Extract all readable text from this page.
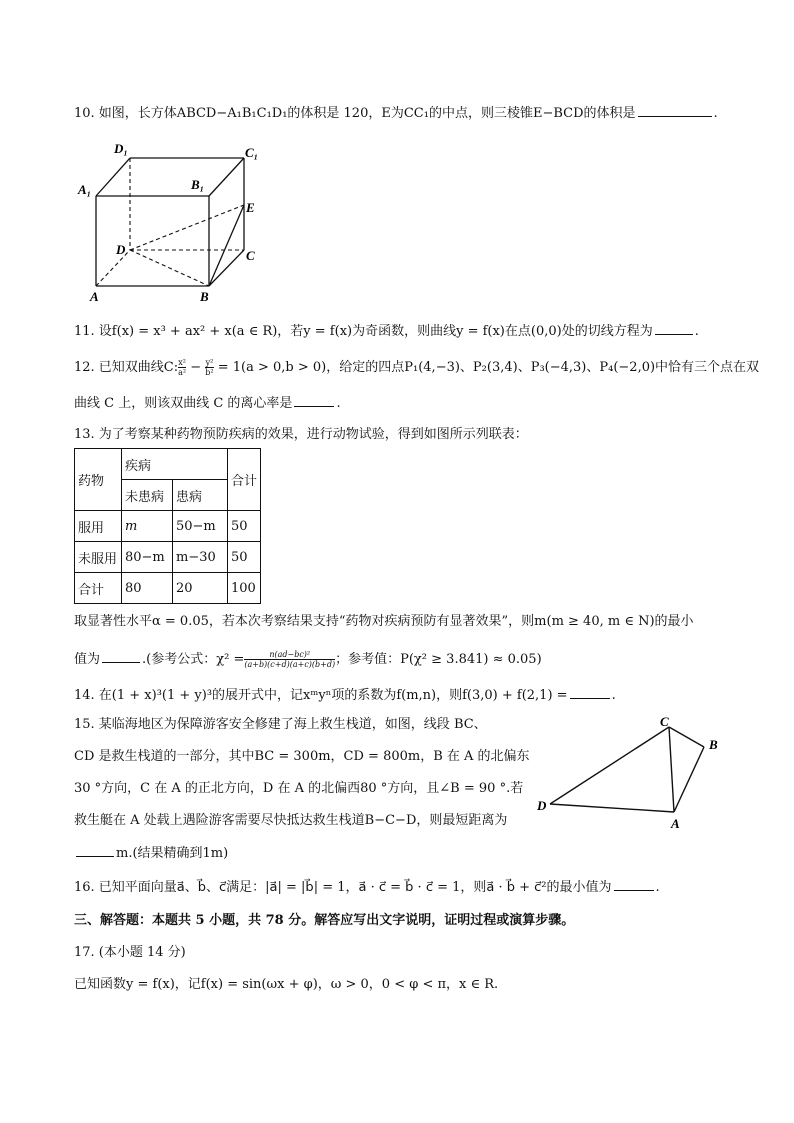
10. 如图，长方体ABCD−A₁B₁C₁D₁的体积是 120，E为CC₁的中点，则三棱锥E−BCD的体积是	.
D₁	C₁
A₁	B₁
E
D	C
A	B
11. 设f(x) = x³ + ax² + x(a ∈ R)，若y = f(x)为奇函数，则曲线y = f(x)在点(0,0)处的切线方程为	.
12. 已知双曲线C: $\frac{\text{x²}}{\text{a²}} - \frac{\text{y²}}{\text{b²}} = 1(a > 0,b > 0)$，给定的四点P₁(4,−3)、P₂(3,4)、P₃(−4,3)、P₄(−2,0)中恰有三个点在双
曲线 C 上，则该双曲线 C 的离心率是	.
13. 为了考察某种药物预防疾病的效果，进行动物试验，得到如图所示列联表：
药物	疾病		合计
	未患病	患病	
服用	m	50−m	50
未服用	80−m	m−30	50
合计	80	20	100
取显著性水平α = 0.05，若本次考察结果支持“药物对疾病预防有显著效果”，则m(m ≥ 40, m ∈ N)的最小
值为	.(参考公式：$\chi^2 = \frac{\text{n(ad−bc)²}}{(a+b)(c+d)(a+c)(b+d)}$ ；参考值：P(χ² ≥ 3.841) ≈ 0.05)
14. 在(1 + x)³(1 + y)³的展开式中，记xᵐyⁿ项的系数为f(m,n)，则f(3,0) + f(2,1) =	.
15. 某临海地区为保障游客安全修建了海上救生栈道，如图，线段 BC、
CD 是救生栈道的一部分，其中BC = 300m，CD = 800m，B 在 A 的北偏东
30 °方向，C 在 A 的正北方向，D 在 A 的北偏西80 °方向，且∠B = 90 °.若
救生艇在 A 处载上遇险游客需要尽快抵达救生栈道B−C−D，则最短距离为
m.(结果精确到1m)
C
B
D
A
16. 已知平面向量a⃗、b⃗、c⃗满足：|a⃗| = |b⃗| = 1，a⃗ · c⃗ = b⃗ · c⃗ = 1，则a⃗ · b⃗ + c⃗²的最小值为	.
三、解答题：本题共 5 小题，共 78 分。解答应写出文字说明，证明过程或演算步骤。
17. (本小题 14 分)
已知函数y = f(x)，记f(x) = sin(ωx + φ)，ω > 0，0 < φ < π，x ∈ R.
